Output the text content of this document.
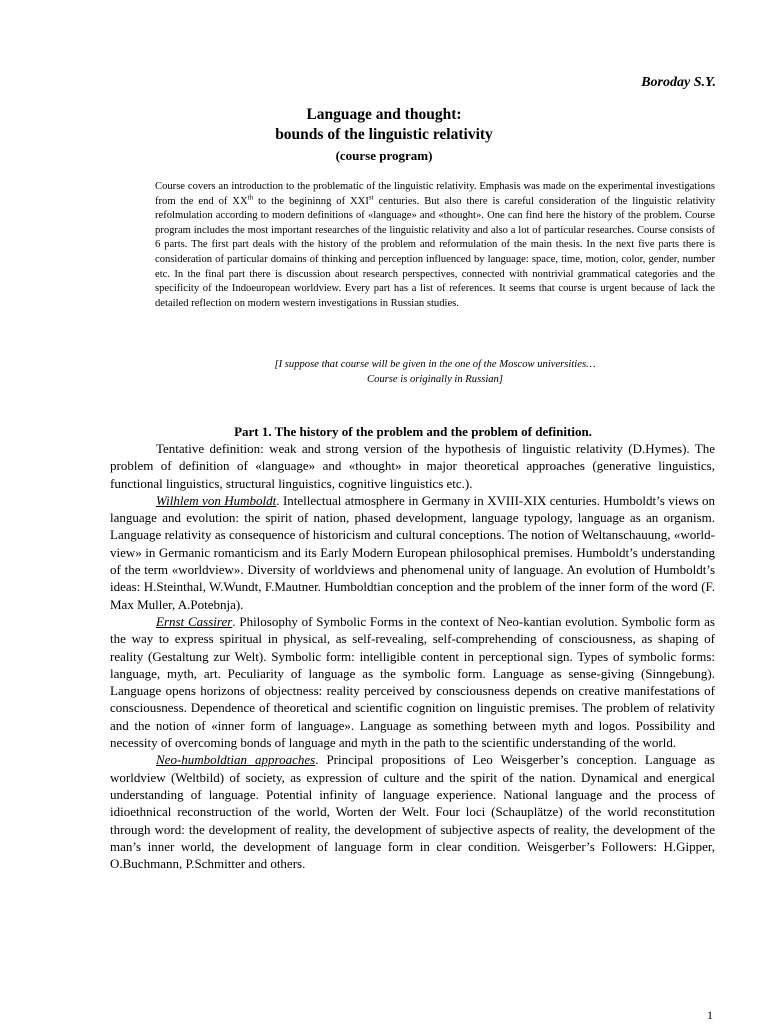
Boroday S.Y.
Language and thought:
bounds of the linguistic relativity
(course program)
Course covers an introduction to the problematic of the linguistic relativity. Emphasis was made on the experimental investigations from the end of XXth to the begininng of XXIst centuries. But also there is careful consideration of the linguistic relativity refolmulation according to modern definitions of «language» and «thought». One can find here the history of the problem. Course program includes the most important researches of the linguistic relativity and also a lot of particular researches. Course consists of 6 parts. The first part deals with the history of the problem and reformulation of the main thesis. In the next five parts there is consideration of particular domains of thinking and perception influenced by language: space, time, motion, color, gender, number etc. In the final part there is discussion about research perspectives, connected with nontrivial grammatical categories and the specificity of the Indoeuropean worldview. Every part has a list of references. It seems that course is urgent because of lack the detailed reflection on modern western investigations in Russian studies.
[I suppose that course will be given in the one of the Moscow universities…
Course is originally in Russian]
Part 1. The history of the problem and the problem of definition.

Tentative definition: weak and strong version of the hypothesis of linguistic relativity (D.Hymes). The problem of definition of «language» and «thought» in major theoretical approaches (generative linguistics, functional linguistics, structural linguistics, cognitive linguistics etc.).

Wilhlem von Humboldt. Intellectual atmosphere in Germany in XVIII-XIX centuries. Humboldt’s views on language and evolution: the spirit of nation, phased development, language typology, language as an organism. Language relativity as consequence of historicism and cultural conceptions. The notion of Weltanschauung, «world-view» in Germanic romanticism and its Early Modern European philosophical premises. Humboldt’s understanding of the term «worldview». Diversity of worldviews and phenomenal unity of language. An evolution of Humboldt’s ideas: H.Steinthal, W.Wundt, F.Mautner. Humboldtian conception and the problem of the inner form of the word (F. Max Muller, A.Potebnja).

Ernst Cassirer. Philosophy of Symbolic Forms in the context of Neo-kantian evolution. Symbolic form as the way to express spiritual in physical, as self-revealing, self-comprehending of consciousness, as shaping of reality (Gestaltung zur Welt). Symbolic form: intelligible content in perceptional sign. Types of symbolic forms: language, myth, art. Peculiarity of language as the symbolic form. Language as sense-giving (Sinngebung). Language opens horizons of objectness: reality perceived by consciousness depends on creative manifestations of consciousness. Dependence of theoretical and scientific cognition on linguistic premises. The problem of relativity and the notion of «inner form of language». Language as something between myth and logos. Possibility and necessity of overcoming bonds of language and myth in the path to the scientific understanding of the world.

Neo-humboldtian approaches. Principal propositions of Leo Weisgerber’s conception. Language as worldview (Weltbild) of society, as expression of culture and the spirit of the nation. Dynamical and energical understanding of language. Potential infinity of language experience. National language and the process of idioethnical reconstruction of the world, Worten der Welt. Four loci (Schauplätze) of the world reconstitution through word: the development of reality, the development of subjective aspects of reality, the development of the man’s inner world, the development of language form in clear condition. Weisgerber’s Followers: H.Gipper, O.Buchmann, P.Schmitter and others.

1
